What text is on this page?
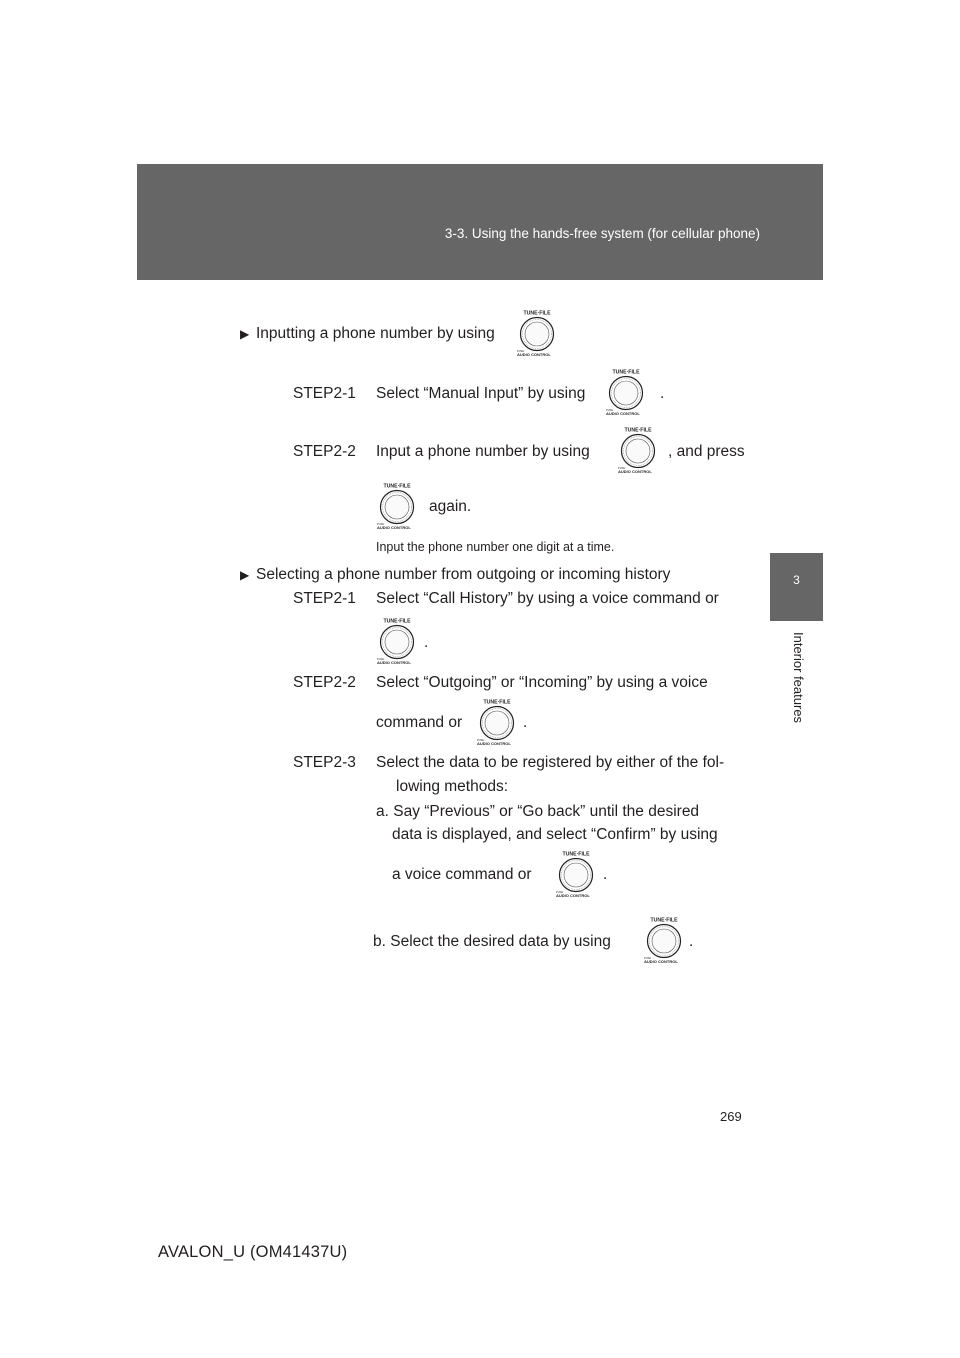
3-3. Using the hands-free system (for cellular phone)
3
Interior features
▶ Inputting a phone number by using
STEP2-1 Select “Manual Input” by using	.
STEP2-2 Input a phone number by using	, and press
again.
Input the phone number one digit at a time.
▶ Selecting a phone number from outgoing or incoming history
STEP2-1 Select “Call History” by using a voice command or
.
STEP2-2 Select “Outgoing” or “Incoming” by using a voice
command or	.
STEP2-3 Select the data to be registered by either of the fol-
lowing methods:
a. Say “Previous” or “Go back” until the desired
data is displayed, and select “Confirm” by using
a voice command or	.
b. Select the desired data by using	.
269
AVALON_U (OM41437U)
